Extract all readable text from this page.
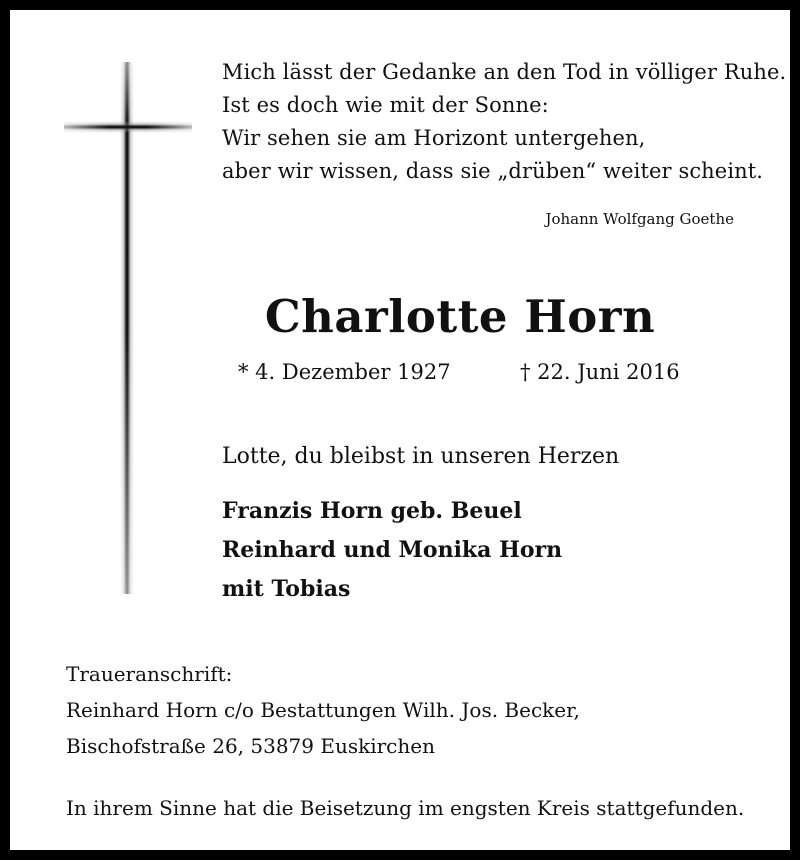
Mich lässt der Gedanke an den Tod in völliger Ruhe.
Ist es doch wie mit der Sonne:
Wir sehen sie am Horizont untergehen,
aber wir wissen, dass sie „drüben“ weiter scheint.
Johann Wolfgang Goethe
Charlotte Horn
* 4. Dezember 1927	† 22. Juni 2016
Lotte, du bleibst in unseren Herzen
Franzis Horn geb. Beuel
Reinhard und Monika Horn
mit Tobias
Traueranschrift:
Reinhard Horn c/o Bestattungen Wilh. Jos. Becker,
Bischofstraße 26, 53879 Euskirchen
In ihrem Sinne hat die Beisetzung im engsten Kreis stattgefunden.
